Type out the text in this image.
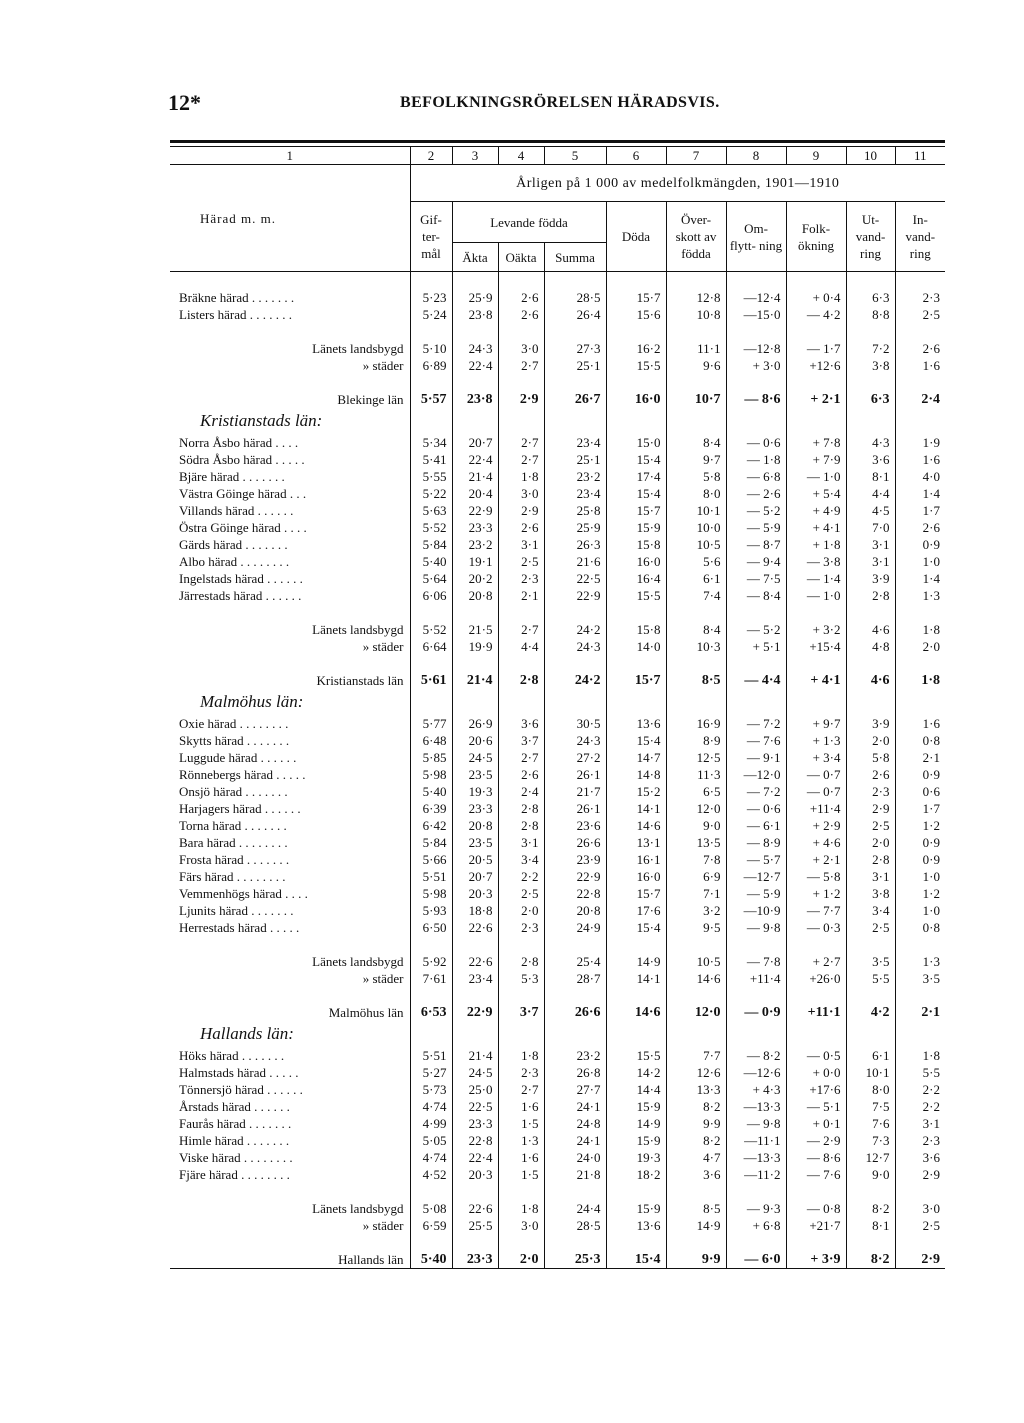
12*	BEFOLKNINGSRÖRELSEN HÄRADSVIS.
1	2	3	4	5	6	7	8	9	10	11
Härad m. m.	Årligen på 1 000 av medelfolkmängden, 1901—1910									
	Gif- ter- mål	Levande födda			Döda	Över- skott av födda	Om- flytt- ning	Folk- ökning	Ut- vand- ring	In- vand- ring
		Äkta	Oäkta	Summa						

Bräkne härad . . . . . . .	5·23	25·9	2·6	28·5	15·7	12·8	—12·4	+ 0·4	6·3	2·3
Listers härad . . . . . . .	5·24	23·8	2·6	26·4	15·6	10·8	—15·0	— 4·2	8·8	2·5

Länets landsbygd	5·10	24·3	3·0	27·3	16·2	11·1	—12·8	— 1·7	7·2	2·6
» städer	6·89	22·4	2·7	25·1	15·5	9·6	+ 3·0	+12·6	3·8	1·6

Blekinge län	5·57	23·8	2·9	26·7	16·0	10·7	— 8·6	+ 2·1	6·3	2·4
Kristianstads län:										
Norra Åsbo härad . . . .	5·34	20·7	2·7	23·4	15·0	8·4	— 0·6	+ 7·8	4·3	1·9
Södra Åsbo härad . . . . .	5·41	22·4	2·7	25·1	15·4	9·7	— 1·8	+ 7·9	3·6	1·6
Bjäre härad . . . . . . .	5·55	21·4	1·8	23·2	17·4	5·8	— 6·8	— 1·0	8·1	4·0
Västra Göinge härad . . .	5·22	20·4	3·0	23·4	15·4	8·0	— 2·6	+ 5·4	4·4	1·4
Villands härad . . . . . .	5·63	22·9	2·9	25·8	15·7	10·1	— 5·2	+ 4·9	4·5	1·7
Östra Göinge härad . . . .	5·52	23·3	2·6	25·9	15·9	10·0	— 5·9	+ 4·1	7·0	2·6
Gärds härad . . . . . . .	5·84	23·2	3·1	26·3	15·8	10·5	— 8·7	+ 1·8	3·1	0·9
Albo härad . . . . . . . .	5·40	19·1	2·5	21·6	16·0	5·6	— 9·4	— 3·8	3·1	1·0
Ingelstads härad . . . . . .	5·64	20·2	2·3	22·5	16·4	6·1	— 7·5	— 1·4	3·9	1·4
Järrestads härad . . . . . .	6·06	20·8	2·1	22·9	15·5	7·4	— 8·4	— 1·0	2·8	1·3

Länets landsbygd	5·52	21·5	2·7	24·2	15·8	8·4	— 5·2	+ 3·2	4·6	1·8
» städer	6·64	19·9	4·4	24·3	14·0	10·3	+ 5·1	+15·4	4·8	2·0

Kristianstads län	5·61	21·4	2·8	24·2	15·7	8·5	— 4·4	+ 4·1	4·6	1·8
Malmöhus län:										
Oxie härad . . . . . . . .	5·77	26·9	3·6	30·5	13·6	16·9	— 7·2	+ 9·7	3·9	1·6
Skytts härad . . . . . . .	6·48	20·6	3·7	24·3	15·4	8·9	— 7·6	+ 1·3	2·0	0·8
Luggude härad . . . . . .	5·85	24·5	2·7	27·2	14·7	12·5	— 9·1	+ 3·4	5·8	2·1
Rönnebergs härad . . . . .	5·98	23·5	2·6	26·1	14·8	11·3	—12·0	— 0·7	2·6	0·9
Onsjö härad . . . . . . .	5·40	19·3	2·4	21·7	15·2	6·5	— 7·2	— 0·7	2·3	0·6
Harjagers härad . . . . . .	6·39	23·3	2·8	26·1	14·1	12·0	— 0·6	+11·4	2·9	1·7
Torna härad . . . . . . .	6·42	20·8	2·8	23·6	14·6	9·0	— 6·1	+ 2·9	2·5	1·2
Bara härad . . . . . . . .	5·84	23·5	3·1	26·6	13·1	13·5	— 8·9	+ 4·6	2·0	0·9
Frosta härad . . . . . . .	5·66	20·5	3·4	23·9	16·1	7·8	— 5·7	+ 2·1	2·8	0·9
Färs härad . . . . . . . .	5·51	20·7	2·2	22·9	16·0	6·9	—12·7	— 5·8	3·1	1·0
Vemmenhögs härad . . . .	5·98	20·3	2·5	22·8	15·7	7·1	— 5·9	+ 1·2	3·8	1·2
Ljunits härad . . . . . . .	5·93	18·8	2·0	20·8	17·6	3·2	—10·9	— 7·7	3·4	1·0
Herrestads härad . . . . .	6·50	22·6	2·3	24·9	15·4	9·5	— 9·8	— 0·3	2·5	0·8

Länets landsbygd	5·92	22·6	2·8	25·4	14·9	10·5	— 7·8	+ 2·7	3·5	1·3
» städer	7·61	23·4	5·3	28·7	14·1	14·6	+11·4	+26·0	5·5	3·5

Malmöhus län	6·53	22·9	3·7	26·6	14·6	12·0	— 0·9	+11·1	4·2	2·1
Hallands län:										
Höks härad . . . . . . .	5·51	21·4	1·8	23·2	15·5	7·7	— 8·2	— 0·5	6·1	1·8
Halmstads härad . . . . .	5·27	24·5	2·3	26·8	14·2	12·6	—12·6	+ 0·0	10·1	5·5
Tönnersjö härad . . . . . .	5·73	25·0	2·7	27·7	14·4	13·3	+ 4·3	+17·6	8·0	2·2
Årstads härad . . . . . .	4·74	22·5	1·6	24·1	15·9	8·2	—13·3	— 5·1	7·5	2·2
Faurås härad . . . . . . .	4·99	23·3	1·5	24·8	14·9	9·9	— 9·8	+ 0·1	7·6	3·1
Himle härad . . . . . . .	5·05	22·8	1·3	24·1	15·9	8·2	—11·1	— 2·9	7·3	2·3
Viske härad . . . . . . . .	4·74	22·4	1·6	24·0	19·3	4·7	—13·3	— 8·6	12·7	3·6
Fjäre härad . . . . . . . .	4·52	20·3	1·5	21·8	18·2	3·6	—11·2	— 7·6	9·0	2·9

Länets landsbygd	5·08	22·6	1·8	24·4	15·9	8·5	— 9·3	— 0·8	8·2	3·0
» städer	6·59	25·5	3·0	28·5	13·6	14·9	+ 6·8	+21·7	8·1	2·5

Hallands län	5·40	23·3	2·0	25·3	15·4	9·9	— 6·0	+ 3·9	8·2	2·9
